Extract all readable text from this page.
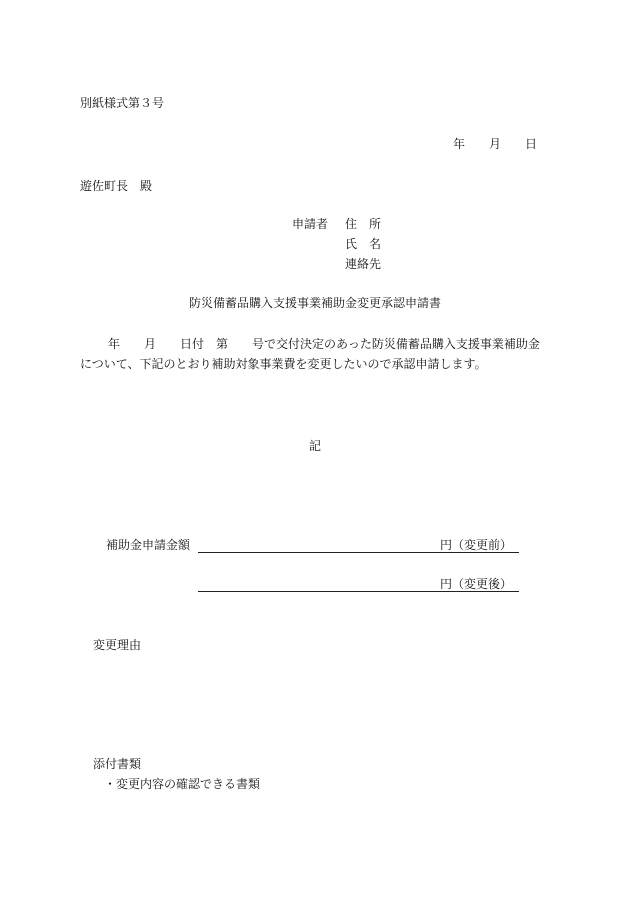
別紙様式第３号
年　　月　　日
遊佐町長　殿
申請者 住　所
氏　名
連絡先
防災備蓄品購入支援事業補助金変更承認申請書
年　　月　　日付　第　　号で交付決定のあった防災備蓄品購入支援事業補助金について、下記のとおり補助対象事業費を変更したいので承認申請します。
記
補助金申請金額	円（変更前）
円（変更後）
変更理由
添付書類
・変更内容の確認できる書類
